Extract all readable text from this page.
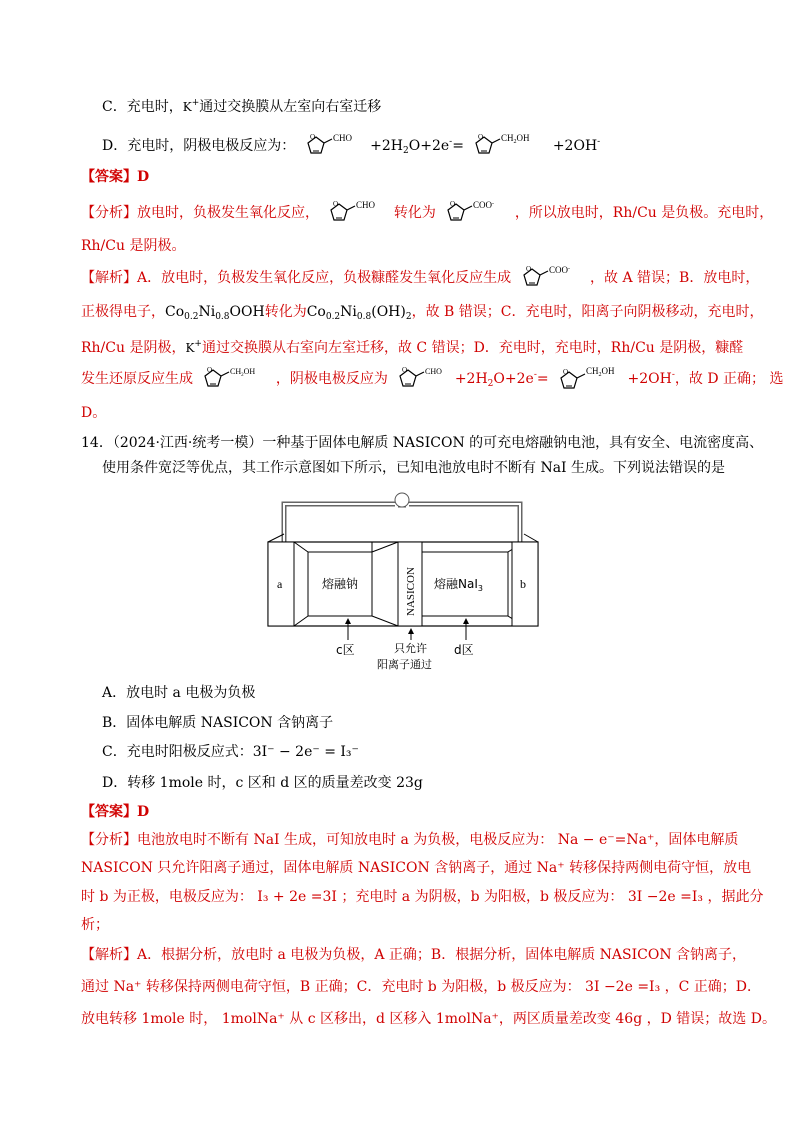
C．充电时，K+通过交换膜从左室向右室迁移
D．充电时，阴极电极反应为：
O CHO $+2H_2O+2e^-=$
O $CH_2OH +2OH^-$
【答案】D
【分析】放电时，负极发生氧化反应，
O CHO 转化为
O COO-
，所以放电时，Rh/Cu 是负极。充电时，
Rh/Cu 是阴极。
【解析】A．放电时，负极发生氧化反应，负极糠醛发生氧化反应生成
O COO-
，故 A 错误；B．放电时，
正极得电子，$Co_{0.2}Ni_{0.8}OOH$转化为$Co_{0.2}Ni_{0.8}(OH)_2$，故 B 错误；C．充电时，阳离子向阴极移动，充电时，
Rh/Cu 是阴极，K+通过交换膜从右室向左室迁移，故 C 错误；D．充电时，充电时，Rh/Cu 是阴极，糠醛
发生还原反应生成
O $CH_2OH$ ，阴极电极反应为
O CHO $+2H_2O+2e^-= O$ $CH_2OH +2OH^-$，故 D 正确； 选
D。
14．（2024·江西·统考一模）一种基于固体电解质 NASICON 的可充电熔融钠电池，具有安全、电流密度高、
使用条件宽泛等优点，其工作示意图如下所示，已知电池放电时不断有 NaI 生成。下列说法错误的是
a	b
熔融钠	熔融NaI$_3$
NASICON
c区	d区
只允许
阳离子通过
A．放电时 a 电极为负极
B．固体电解质 NASICON 含钠离子
C．充电时阳极反应式：3I⁻ − 2e⁻ = I₃⁻
D．转移 1mole 时，c 区和 d 区的质量差改变 23g
【答案】D
【分析】电池放电时不断有 NaI 生成，可知放电时 a 为负极，电极反应为： Na − e⁻=Na⁺，固体电解质
NASICON 只允许阳离子通过，固体电解质 NASICON 含钠离子，通过 Na⁺ 转移保持两侧电荷守恒，放电
时 b 为正极，电极反应为： I₃ + 2e =3I ；充电时 a 为阴极，b 为阳极，b 极反应为： 3I −2e =I₃ ，据此分
析；
【解析】A．根据分析，放电时 a 电极为负极，A 正确；B．根据分析，固体电解质 NASICON 含钠离子，
通过 Na⁺ 转移保持两侧电荷守恒，B 正确；C．充电时 b 为阳极，b 极反应为： 3I −2e =I₃ ，C 正确；D．
放电转移 1mole 时， 1molNa⁺ 从 c 区移出，d 区移入 1molNa⁺，两区质量差改变 46g ，D 错误；故选 D。
